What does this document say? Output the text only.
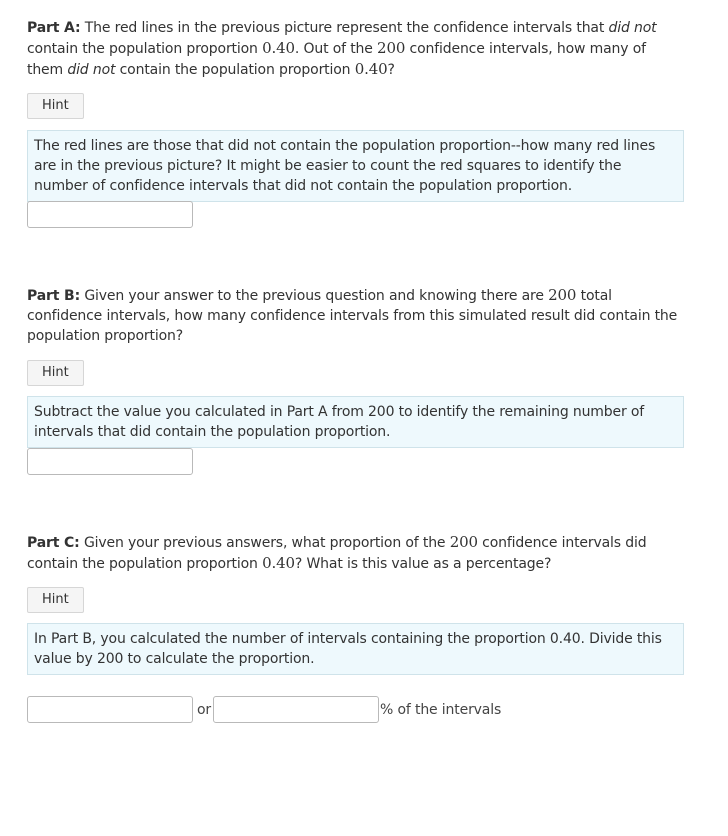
Part A: The red lines in the previous picture represent the confidence intervals that did not contain the population proportion 0.40. Out of the 200 confidence intervals, how many of them did not contain the population proportion 0.40?

Hint
The red lines are those that did not contain the population proportion--how many red lines are in the previous picture? It might be easier to count the red squares to identify the number of confidence intervals that did not contain the population proportion.

Part B: Given your answer to the previous question and knowing there are 200 total confidence intervals, how many confidence intervals from this simulated result did contain the population proportion?

Hint
Subtract the value you calculated in Part A from 200 to identify the remaining number of intervals that did contain the population proportion.

Part C: Given your previous answers, what proportion of the 200 confidence intervals did contain the population proportion 0.40? What is this value as a percentage?

Hint
In Part B, you calculated the number of intervals containing the proportion 0.40. Divide this value by 200 to calculate the proportion.
or	% of the intervals
